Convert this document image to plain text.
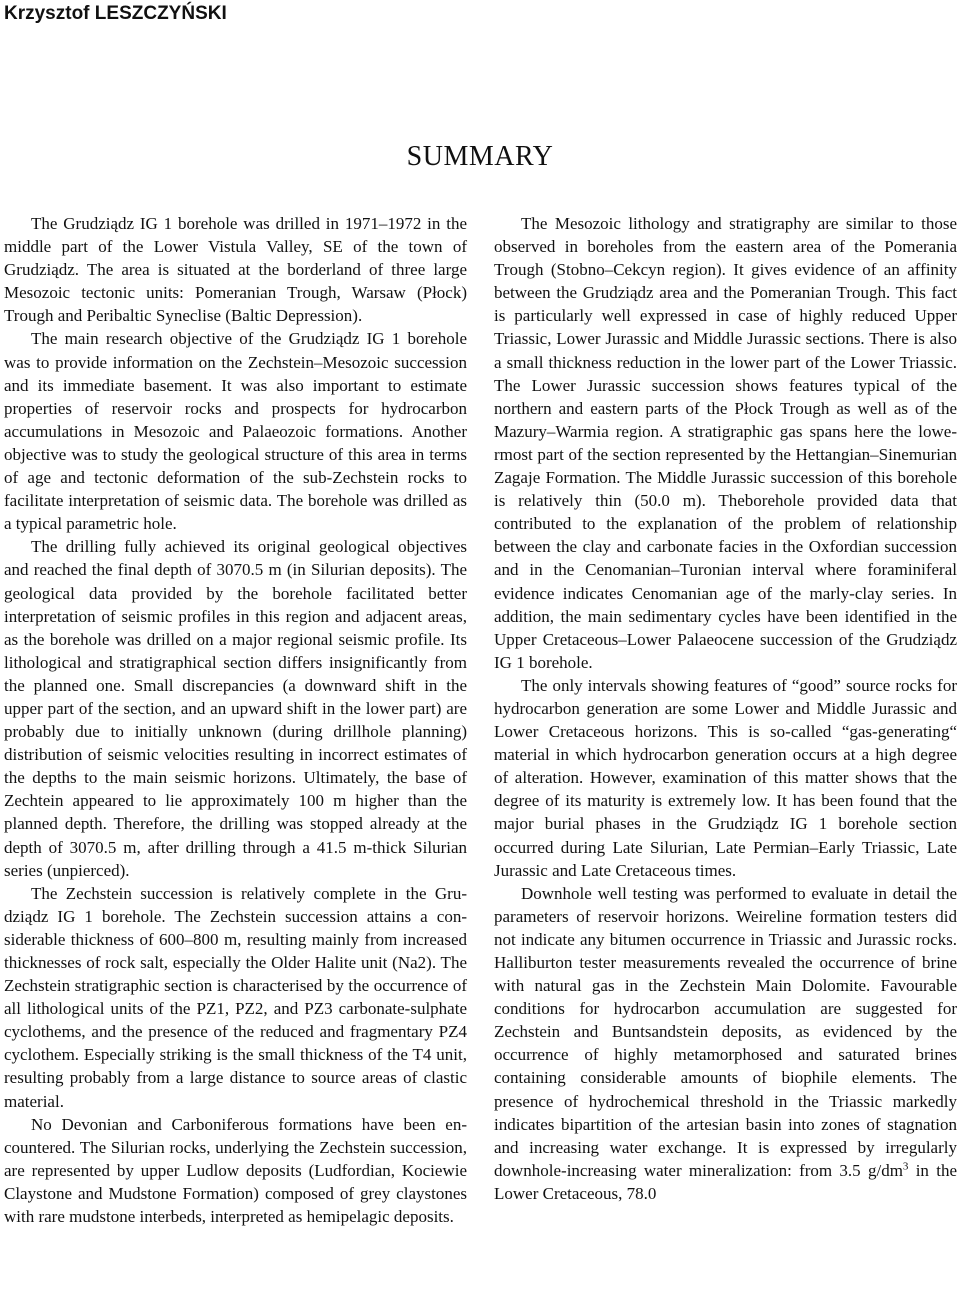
Krzysztof LESZCZYŃSKI
SUMMARY

The Grudziądz IG 1 borehole was drilled in 1971–1972 in the middle part of the Lower Vistula Valley, SE of the town of Grudziądz. The area is situated at the borderland of three large Mesozoic tectonic units: Pomeranian Trough, Warsaw (Płock) Trough and Peribaltic Syneclise (Baltic Depression).

The main research objective of the Grudziądz IG 1 borehole was to provide information on the Zechstein–Mesozoic succession and its immediate basement. It was also important to estimate properties of reservoir rocks and prospects for hydrocarbon accumulations in Mesozoic and Palaeozoic formations. Another objective was to study the geological structure of this area in terms of age and tectonic deformation of the sub-Zechstein rocks to facilitate interpretation of seismic data. The borehole was drilled as a typical parametric hole.

The drilling fully achieved its original geological objectives and reached the final depth of 3070.5 m (in Silurian deposits). The geological data provided by the borehole facilitated better interpretation of seismic profiles in this region and adjacent areas, as the borehole was drilled on a major regional seismic profile. Its lithological and stratigraphical section differs insignificantly from the planned one. Small discrepancies (a downward shift in the upper part of the section, and an upward shift in the lower part) are probably due to initially unknown (during drillhole planning) distribution of seismic velocities resulting in incorrect estimates of the depths to the main seismic horizons. Ultimately, the base of Zechtein appeared to lie approximately 100 m higher than the planned depth. Therefore, the drilling was stopped already at the depth of 3070.5 m, after drilling through a 41.5 m-thick Silurian series (unpierced).

The Zechstein succession is relatively complete in the Grudziądz IG 1 borehole. The Zechstein succession attains a considerable thickness of 600–800 m, resulting mainly from increased thicknesses of rock salt, especially the Older Halite unit (Na2). The Zechstein stratigraphic section is characterised by the occurrence of all lithological units of the PZ1, PZ2, and PZ3 carbonate-sulphate cyclothems, and the presence of the reduced and fragmentary PZ4 cyclothem. Especially striking is the small thickness of the T4 unit, resulting probably from a large distance to source areas of clastic material.

No Devonian and Carboniferous formations have been encountered. The Silurian rocks, underlying the Zechstein succession, are represented by upper Ludlow deposits (Ludfordian, Kociewie Claystone and Mudstone Formation) composed of grey claystones with rare mudstone interbeds, interpreted as hemipelagic deposits.

The Mesozoic lithology and stratigraphy are similar to those observed in boreholes from the eastern area of the Pomerania Trough (Stobno–Cekcyn region). It gives evidence of an affinity between the Grudziądz area and the Pomeranian Trough. This fact is particularly well expressed in case of highly reduced Upper Triassic, Lower Jurassic and Middle Jurassic sections. There is also a small thickness reduction in the lower part of the Lower Triassic. The Lower Jurassic succession shows features typical of the northern and eastern parts of the Płock Trough as well as of the Mazury–Warmia region. A stratigraphic gas spans here the lowermost part of the section represented by the Hettangian–Sinemurian Zagaje Formation. The Middle Jurassic succession of this borehole is relatively thin (50.0 m). Theborehole provided data that contributed to the explanation of the problem of relationship between the clay and carbonate facies in the Oxfordian succession and in the Cenomanian–Turonian interval where foraminiferal evidence indicates Cenomanian age of the marly-clay series. In addition, the main sedimentary cycles have been identified in the Upper Cretaceous–Lower Palaeocene succession of the Grudziądz IG 1 borehole.

The only intervals showing features of “good” source rocks for hydrocarbon generation are some Lower and Middle Jurassic and Lower Cretaceous horizons. This is so-called “gas-generating“ material in which hydrocarbon generation occurs at a high degree of alteration. However, examination of this matter shows that the degree of its maturity is extremely low. It has been found that the major burial phases in the Grudziądz IG 1 borehole section occurred during Late Silurian, Late Permian–Early Triassic, Late Jurassic and Late Cretaceous times.

Downhole well testing was performed to evaluate in detail the parameters of reservoir horizons. Weireline formation testers did not indicate any bitumen occurrence in Triassic and Jurassic rocks. Halliburton tester measurements revealed the occurrence of brine with natural gas in the Zechstein Main Dolomite. Favourable conditions for hydrocarbon accumulation are suggested for Zechstein and Buntsandstein deposits, as evidenced by the occurrence of highly metamorphosed and saturated brines containing considerable amounts of biophile elements. The presence of hydrochemical threshold in the Triassic markedly indicates bipartition of the artesian basin into zones of stagnation and increasing water exchange. It is expressed by irregularly downhole-increasing water mineralization: from 3.5 $g/dm^3$ in the Lower Cretaceous, 78.0
